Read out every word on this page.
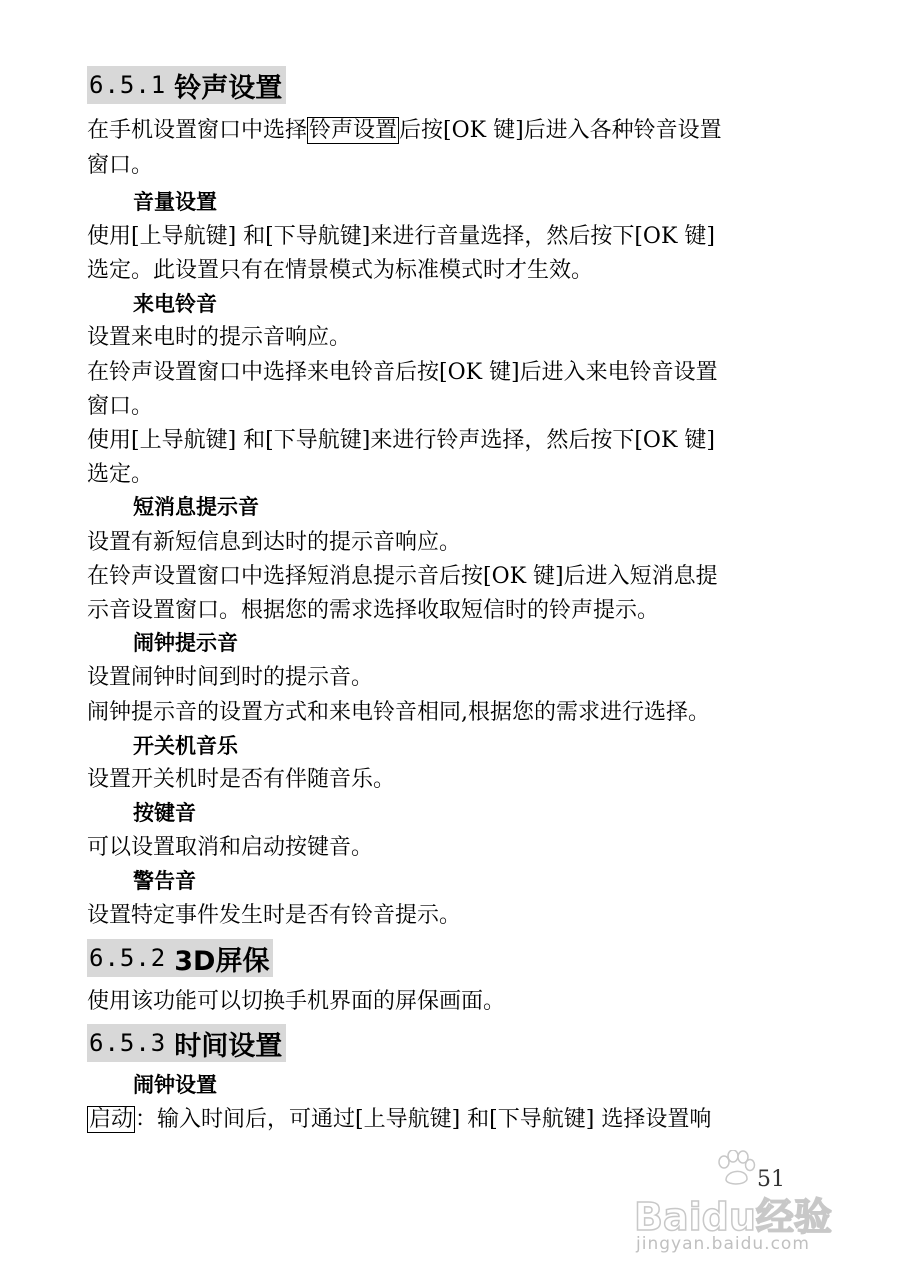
6.5.1 铃声设置
在手机设置窗口中选择铃声设置后按[OK 键]后进入各种铃音设置
窗口。
音量设置
使用[上导航键] 和[下导航键]来进行音量选择，然后按下[OK 键]
选定。此设置只有在情景模式为标准模式时才生效。
来电铃音
设置来电时的提示音响应。
在铃声设置窗口中选择来电铃音后按[OK 键]后进入来电铃音设置
窗口。
使用[上导航键] 和[下导航键]来进行铃声选择，然后按下[OK 键]
选定。
短消息提示音
设置有新短信息到达时的提示音响应。
在铃声设置窗口中选择短消息提示音后按[OK 键]后进入短消息提
示音设置窗口。根据您的需求选择收取短信时的铃声提示。
闹钟提示音
设置闹钟时间到时的提示音。
闹钟提示音的设置方式和来电铃音相同,根据您的需求进行选择。
开关机音乐
设置开关机时是否有伴随音乐。
按键音
可以设置取消和启动按键音。
警告音
设置特定事件发生时是否有铃音提示。
6.5.2 3D屏保
使用该功能可以切换手机界面的屏保画面。
6.5.3 时间设置
闹钟设置
启动：输入时间后，可通过[上导航键] 和[下导航键] 选择设置响
51
Baidu经验
jingyan.baidu.com
